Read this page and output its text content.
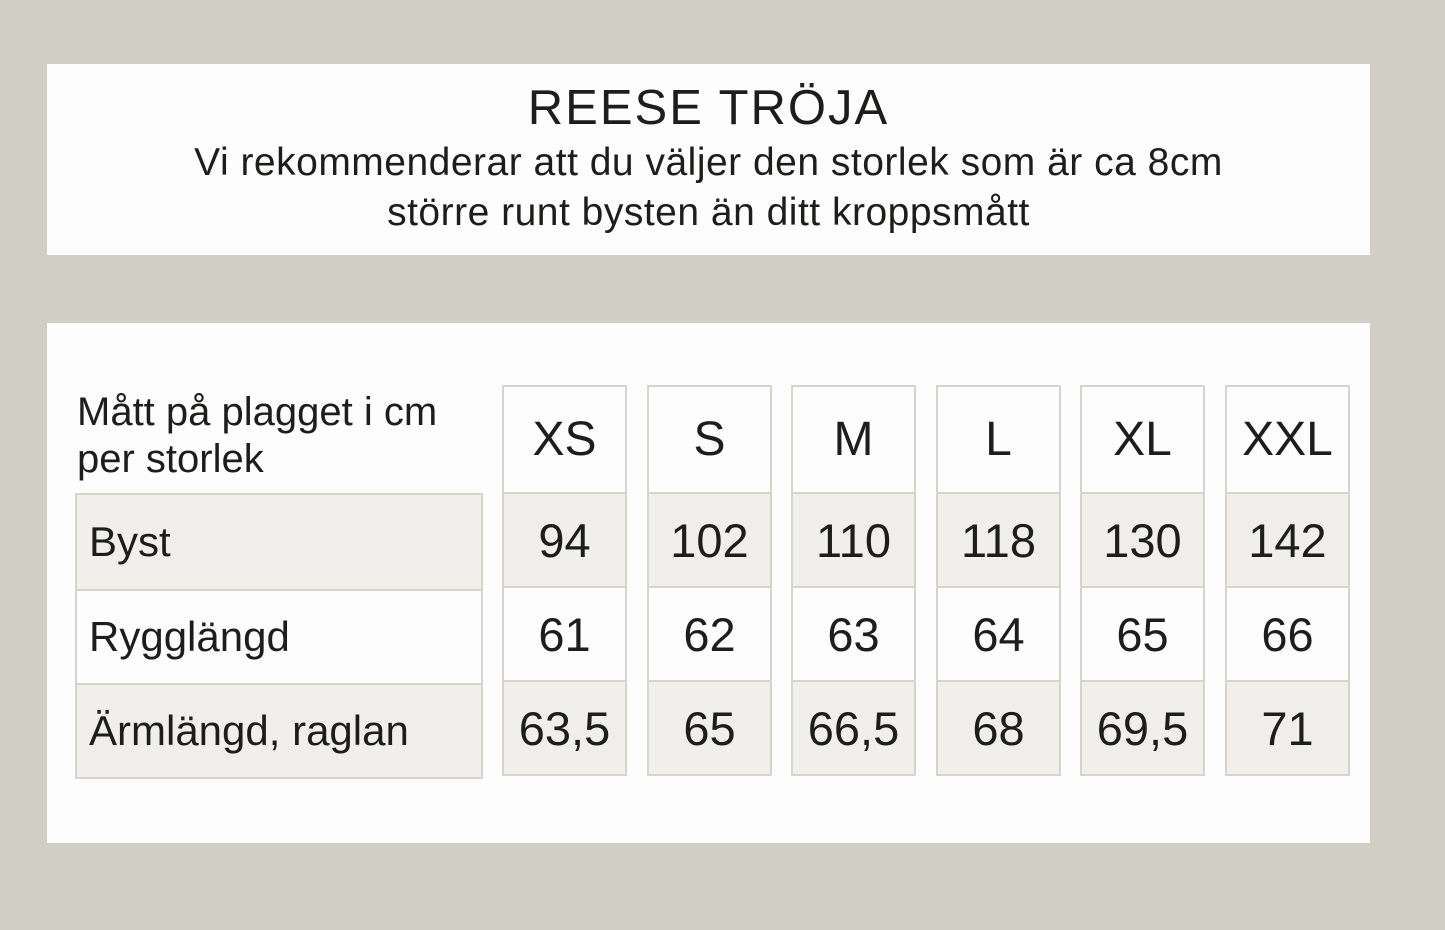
REESE TRÖJA
Vi rekommenderar att du väljer den storlek som är ca 8cm
större runt bysten än ditt kroppsmått
Mått på plagget i cm per storlek
Byst
Rygglängd
Ärmlängd, raglan
XS
94
61
63,5
S
102
62
65
M
110
63
66,5
L
118
64
68
XL
130
65
69,5
XXL
142
66
71
